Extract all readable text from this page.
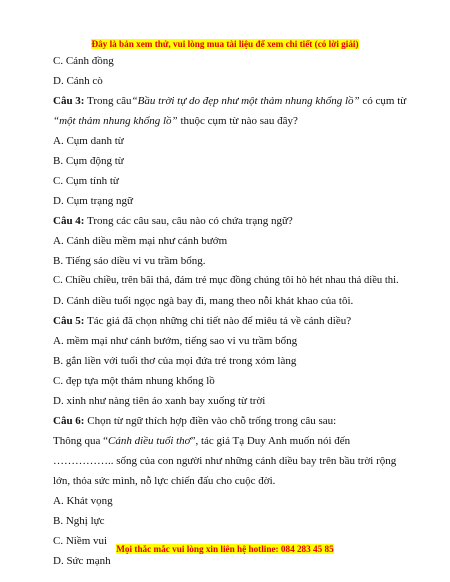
Đây là bản xem thử, vui lòng mua tài liệu để xem chi tiết (có lời giải)
C. Cánh đồng
D. Cánh cò
Câu 3: Trong câu“Bầu trời tự do đẹp như một thảm nhung khổng lồ” có cụm từ “một thảm nhung khổng lồ” thuộc cụm từ nào sau đây?
A. Cụm danh từ
B. Cụm động từ
C. Cụm tính từ
D. Cụm trạng ngữ
Câu 4: Trong các câu sau, câu nào có chứa trạng ngữ?
A. Cánh diều mềm mại như cánh bướm
B. Tiếng sáo diều vi vu trầm bổng.
C. Chiều chiều, trên bãi thả, đám trẻ mục đồng chúng tôi hò hét nhau thả diều thi.
D. Cánh diều tuổi ngọc ngà bay đi, mang theo nỗi khát khao của tôi.
Câu 5: Tác giả đã chọn những chi tiết nào để miêu tả về cánh diều?
A. mềm mại như cánh bướm, tiếng sao vi vu trầm bổng
B. gắn liền với tuổi thơ của mọi đứa trẻ trong xóm làng
C. đẹp tựa một thảm nhung khổng lồ
D. xinh như nàng tiên áo xanh bay xuống từ trời
Câu 6: Chọn từ ngữ thích hợp điền vào chỗ trống trong câu sau:
Thông qua “Cánh diều tuổi thơ”, tác giả Tạ Duy Anh muốn nói đến …………….. sống của con người như những cánh diều bay trên bầu trời rộng lớn, thỏa sức mình, nỗ lực chiến đấu cho cuộc đời.
A. Khát vọng
B. Nghị lực
C. Niềm vui
D. Sức mạnh
Mọi thắc mắc vui lòng xin liên hệ hotline: 084 283 45 85
